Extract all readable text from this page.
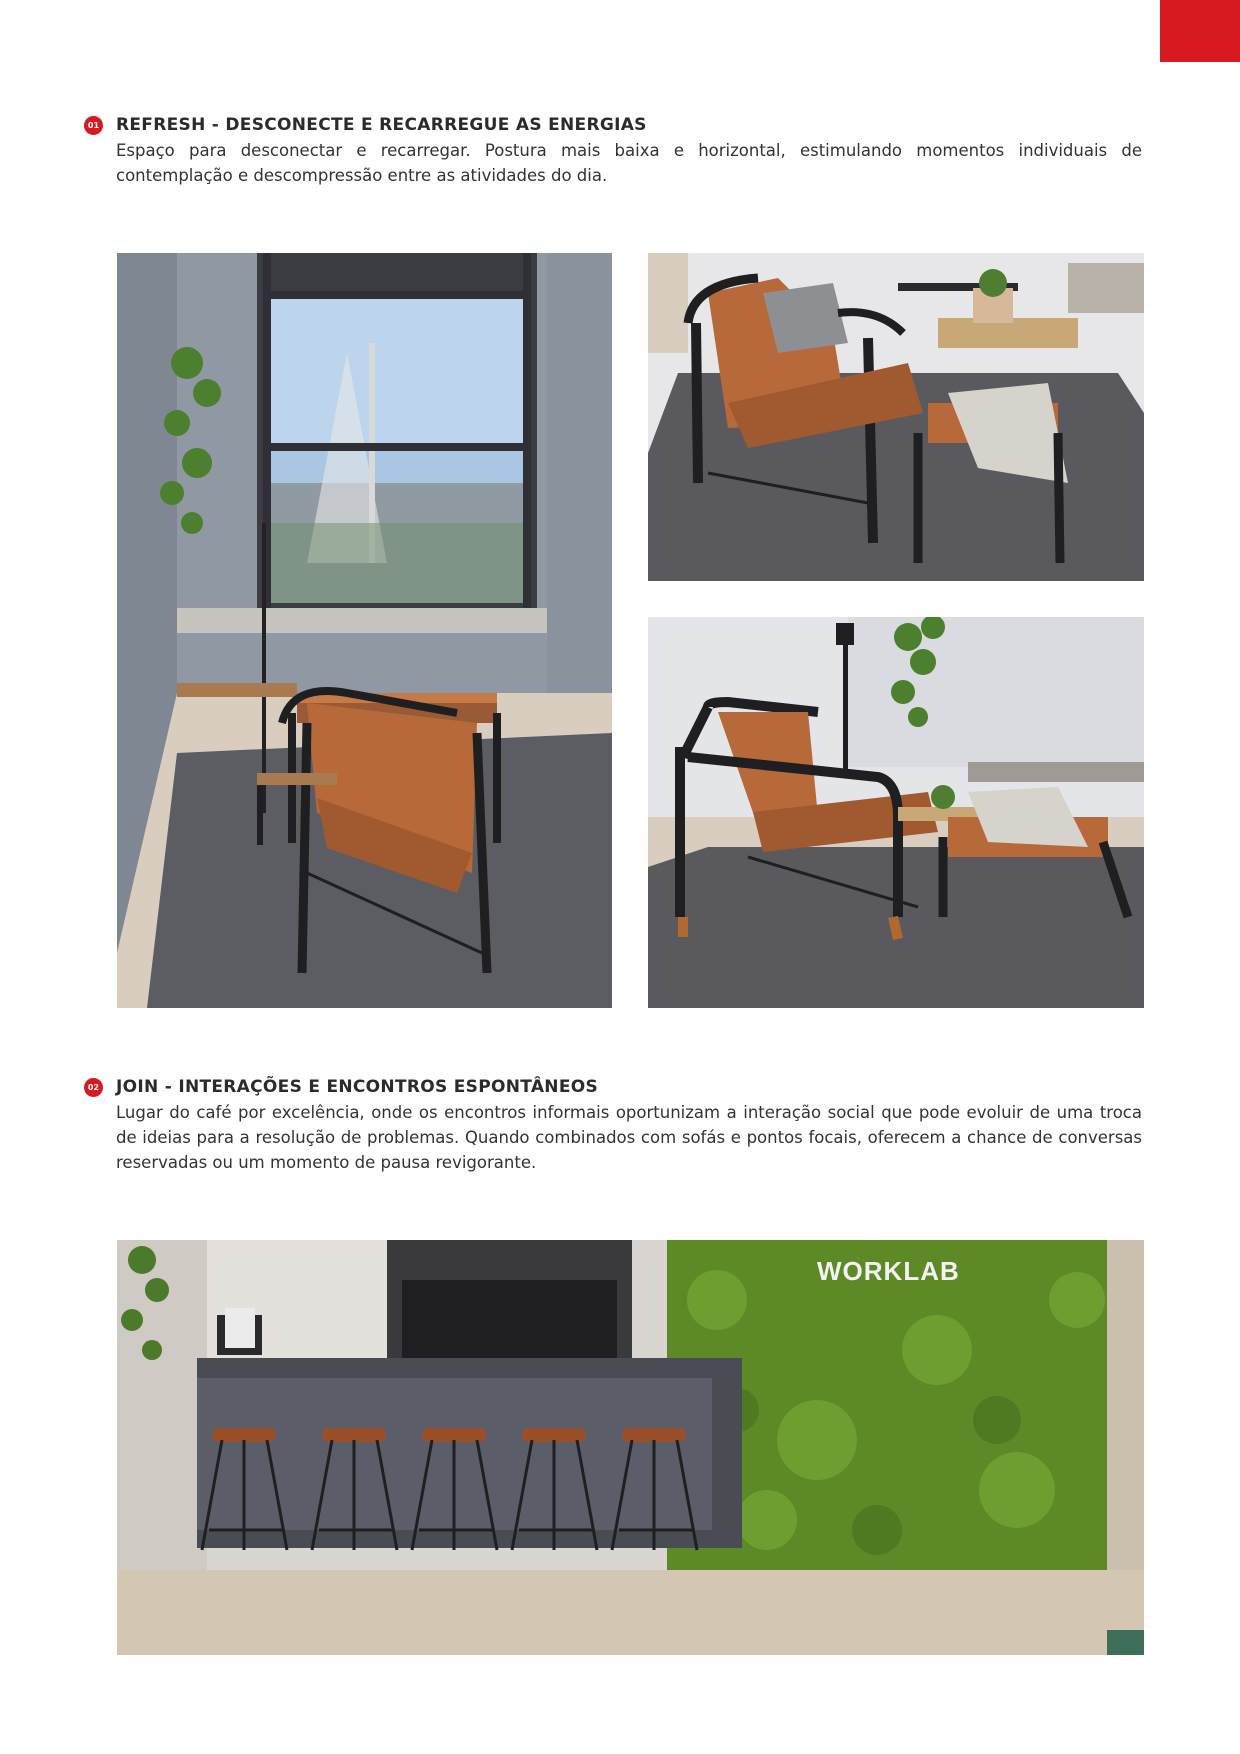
01 REFRESH - DESCONECTE E RECARREGUE AS ENERGIAS

Espaço para desconectar e recarregar. Postura mais baixa e horizontal, estimulando momentos individuais de contemplação e descompressão entre as atividades do dia.

02 JOIN - INTERAÇÕES E ENCONTROS ESPONTÂNEOS

Lugar do café por excelência, onde os encontros informais oportunizam a interação social que pode evoluir de uma troca de ideias para a resolução de problemas. Quando combinados com sofás e pontos focais, oferecem a chance de conversas reservadas ou um momento de pausa revigorante.

WORKLAB
